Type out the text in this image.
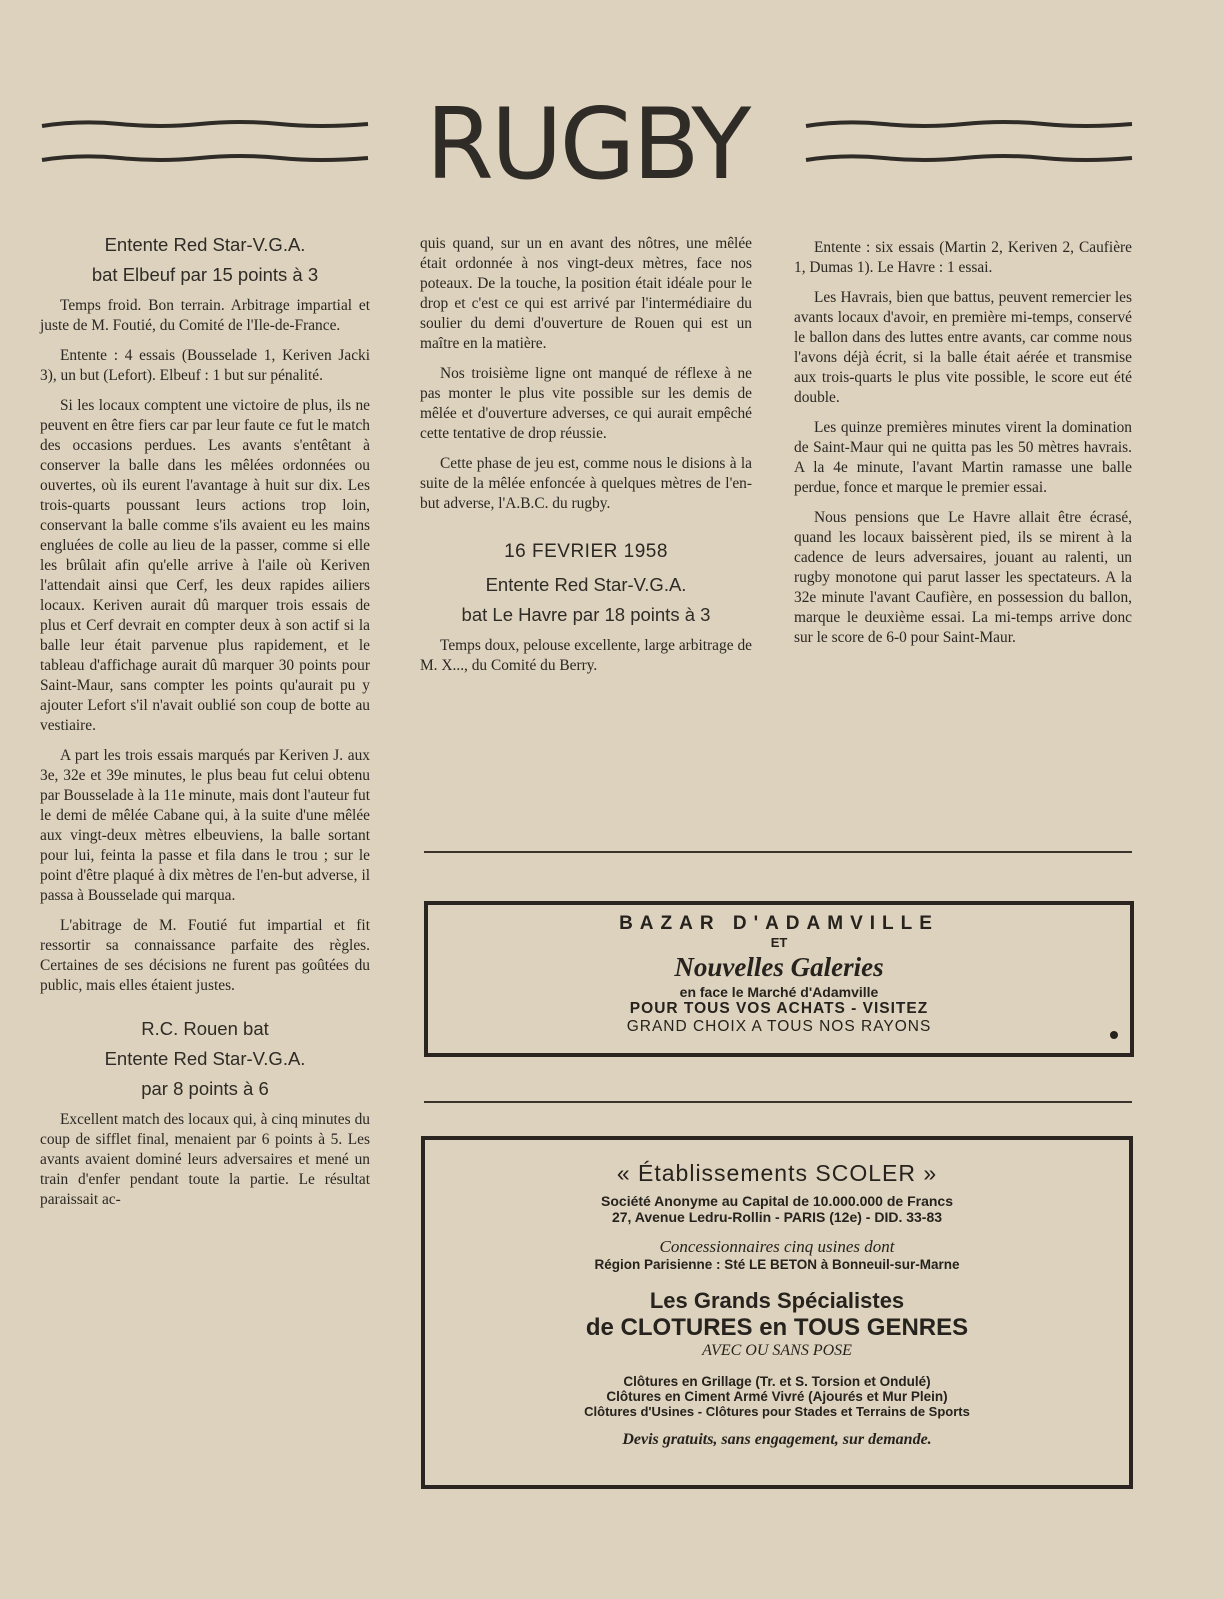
RUGBY
Entente Red Star-V.G.A.
bat Elbeuf par 15 points à 3

Temps froid. Bon terrain. Arbitrage impartial et juste de M. Foutié, du Comité de l'Ile-de-France.

Entente : 4 essais (Bousselade 1, Keriven Jacki 3), un but (Lefort). Elbeuf : 1 but sur pénalité.

Si les locaux comptent une victoire de plus, ils ne peuvent en être fiers car par leur faute ce fut le match des occasions perdues. Les avants s'entêtant à conserver la balle dans les mêlées ordonnées ou ouvertes, où ils eurent l'avantage à huit sur dix. Les trois-quarts poussant leurs actions trop loin, conservant la balle comme s'ils avaient eu les mains engluées de colle au lieu de la passer, comme si elle les brûlait afin qu'elle arrive à l'aile où Keriven l'attendait ainsi que Cerf, les deux rapides ailiers locaux. Keriven aurait dû marquer trois essais de plus et Cerf devrait en compter deux à son actif si la balle leur était parvenue plus rapidement, et le tableau d'affichage aurait dû marquer 30 points pour Saint-Maur, sans compter les points qu'aurait pu y ajouter Lefort s'il n'avait oublié son coup de botte au vestiaire.

A part les trois essais marqués par Keriven J. aux 3e, 32e et 39e minutes, le plus beau fut celui obtenu par Bousselade à la 11e minute, mais dont l'auteur fut le demi de mêlée Cabane qui, à la suite d'une mêlée aux vingt-deux mètres elbeuviens, la balle sortant pour lui, feinta la passe et fila dans le trou ; sur le point d'être plaqué à dix mètres de l'en-but adverse, il passa à Bousselade qui marqua.

L'abitrage de M. Foutié fut impartial et fit ressortir sa connaissance parfaite des règles. Certaines de ses décisions ne furent pas goûtées du public, mais elles étaient justes.

R.C. Rouen bat
Entente Red Star-V.G.A.
par 8 points à 6

Excellent match des locaux qui, à cinq minutes du coup de sifflet final, menaient par 6 points à 5. Les avants avaient dominé leurs adversaires et mené un train d'enfer pendant toute la partie. Le résultat paraissait ac-

quis quand, sur un en avant des nôtres, une mêlée était ordonnée à nos vingt-deux mètres, face nos poteaux. De la touche, la position était idéale pour le drop et c'est ce qui est arrivé par l'intermédiaire du soulier du demi d'ouverture de Rouen qui est un maître en la matière.

Nos troisième ligne ont manqué de réflexe à ne pas monter le plus vite possible sur les demis de mêlée et d'ouverture adverses, ce qui aurait empêché cette tentative de drop réussie.

Cette phase de jeu est, comme nous le disions à la suite de la mêlée enfoncée à quelques mètres de l'en-but adverse, l'A.B.C. du rugby.

16 FEVRIER 1958
Entente Red Star-V.G.A.
bat Le Havre par 18 points à 3

Temps doux, pelouse excellente, large arbitrage de M. X..., du Comité du Berry.

Entente : six essais (Martin 2, Keriven 2, Caufière 1, Dumas 1). Le Havre : 1 essai.

Les Havrais, bien que battus, peuvent remercier les avants locaux d'avoir, en première mi-temps, conservé le ballon dans des luttes entre avants, car comme nous l'avons déjà écrit, si la balle était aérée et transmise aux trois-quarts le plus vite possible, le score eut été double.

Les quinze premières minutes virent la domination de Saint-Maur qui ne quitta pas les 50 mètres havrais. A la 4e minute, l'avant Martin ramasse une balle perdue, fonce et marque le premier essai.

Nous pensions que Le Havre allait être écrasé, quand les locaux baissèrent pied, ils se mirent à la cadence de leurs adversaires, jouant au ralenti, un rugby monotone qui parut lasser les spectateurs. A la 32e minute l'avant Caufière, en possession du ballon, marque le deuxième essai. La mi-temps arrive donc sur le score de 6-0 pour Saint-Maur.

BAZAR D'ADAMVILLE
ET
Nouvelles Galeries
en face le Marché d'Adamville
POUR TOUS VOS ACHATS - VISITEZ
GRAND CHOIX A TOUS NOS RAYONS
« Établissements SCOLER »
Société Anonyme au Capital de 10.000.000 de Francs
27, Avenue Ledru-Rollin - PARIS (12e) - DID. 33-83
Concessionnaires cinq usines dont
Région Parisienne : Sté LE BETON à Bonneuil-sur-Marne
Les Grands Spécialistes
de CLOTURES en TOUS GENRES
AVEC OU SANS POSE
Clôtures en Grillage (Tr. et S. Torsion et Ondulé)
Clôtures en Ciment Armé Vivré (Ajourés et Mur Plein)
Clôtures d'Usines - Clôtures pour Stades et Terrains de Sports
Devis gratuits, sans engagement, sur demande.
